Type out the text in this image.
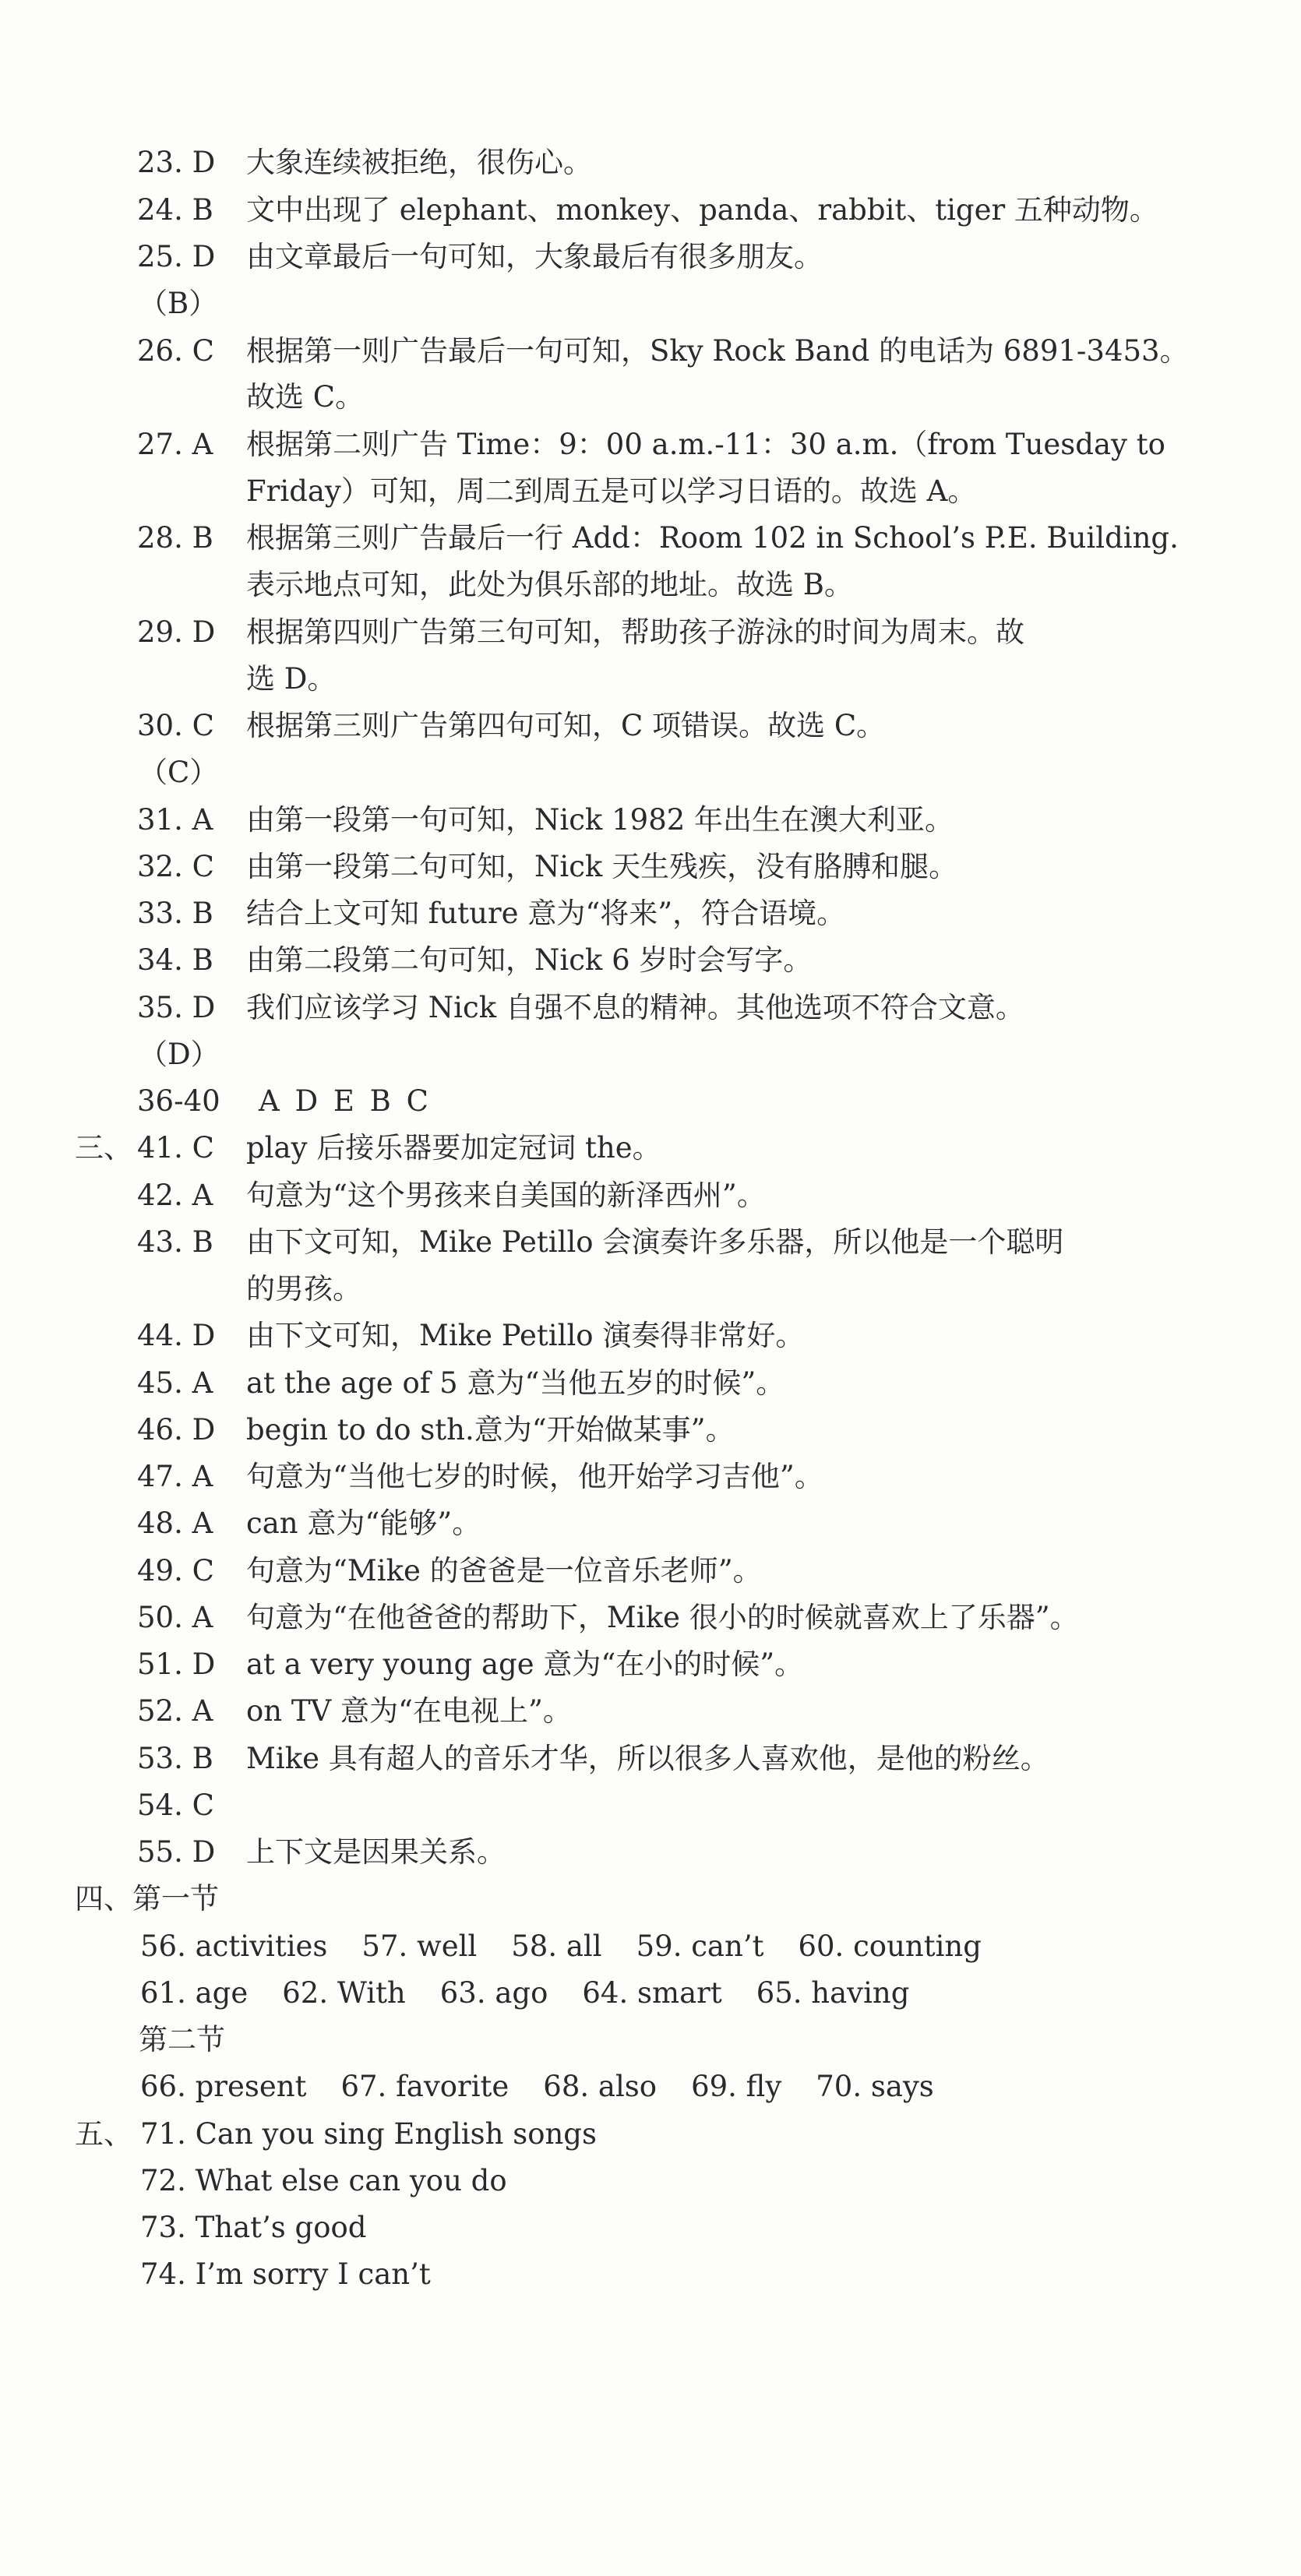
23. D 大象连续被拒绝，很伤心。
24. B 文中出现了 elephant、monkey、panda、rabbit、tiger 五种动物。
25. D 由文章最后一句可知，大象最后有很多朋友。
（B）
26. C 根据第一则广告最后一句可知，Sky Rock Band 的电话为 6891-3453。
故选 C。
27. A 根据第二则广告 Time：9：00 a.m.-11：30 a.m.（from Tuesday to
Friday）可知，周二到周五是可以学习日语的。故选 A。
28. B 根据第三则广告最后一行 Add：Room 102 in School’s P.E. Building.
表示地点可知，此处为俱乐部的地址。故选 B。
29. D 根据第四则广告第三句可知，帮助孩子游泳的时间为周末。故
选 D。
30. C 根据第三则广告第四句可知，C 项错误。故选 C。
（C）
31. A 由第一段第一句可知，Nick 1982 年出生在澳大利亚。
32. C 由第一段第二句可知，Nick 天生残疾，没有胳膊和腿。
33. B 结合上文可知 future 意为“将来”，符合语境。
34. B 由第二段第二句可知，Nick 6 岁时会写字。
35. D 我们应该学习 Nick 自强不息的精神。其他选项不符合文意。
（D）
36-40 A D E B C
三、 41. C play 后接乐器要加定冠词 the。
42. A 句意为“这个男孩来自美国的新泽西州”。
43. B 由下文可知，Mike Petillo 会演奏许多乐器，所以他是一个聪明
的男孩。
44. D 由下文可知，Mike Petillo 演奏得非常好。
45. A at the age of 5 意为“当他五岁的时候”。
46. D begin to do sth.意为“开始做某事”。
47. A 句意为“当他七岁的时候，他开始学习吉他”。
48. A can 意为“能够”。
49. C 句意为“Mike 的爸爸是一位音乐老师”。
50. A 句意为“在他爸爸的帮助下，Mike 很小的时候就喜欢上了乐器”。
51. D at a very young age 意为“在小的时候”。
52. A on TV 意为“在电视上”。
53. B Mike 具有超人的音乐才华，所以很多人喜欢他，是他的粉丝。
54. C
55. D 上下文是因果关系。
四、第一节
56. activities 57. well 58. all 59. can’t 60. counting
61. age 62. With 63. ago 64. smart 65. having
第二节
66. present 67. favorite 68. also 69. fly 70. says
五、 71. Can you sing English songs
72. What else can you do
73. That’s good
74. I’m sorry I can’t
